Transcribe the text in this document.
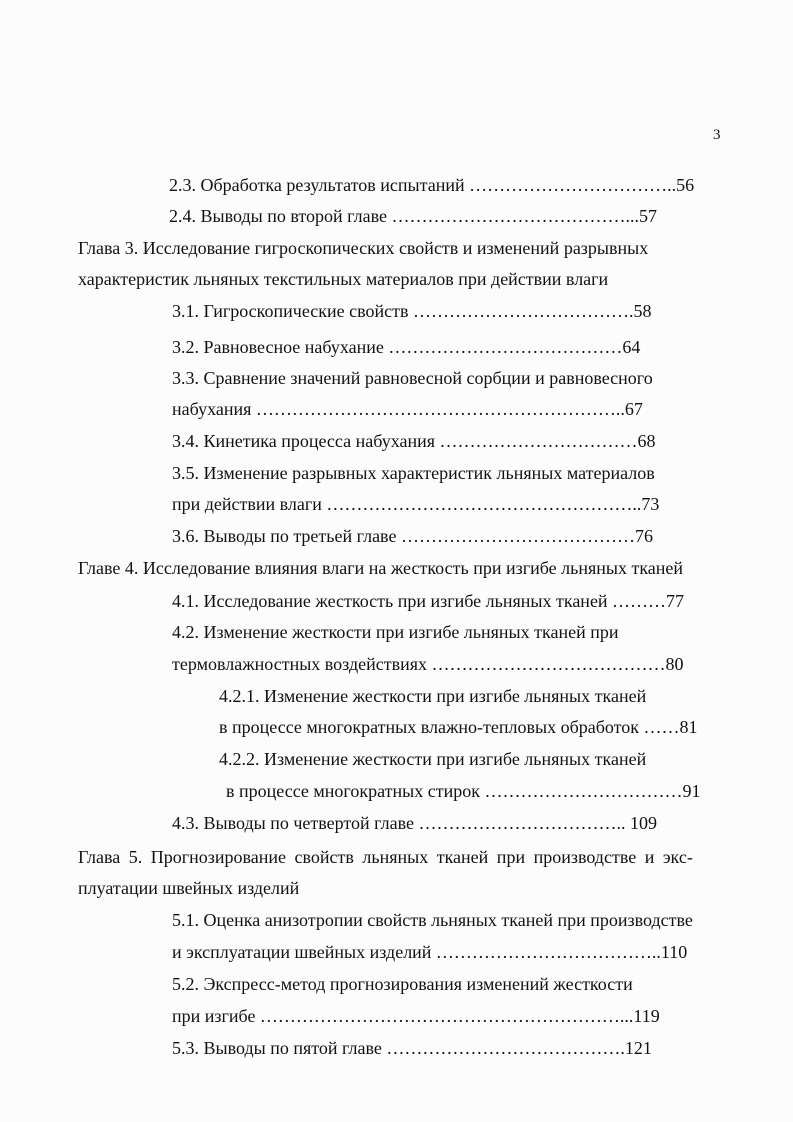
3
2.3. Обработка результатов испытаний ……………………………..56
2.4. Выводы по второй главе …………………………………...57
Глава 3. Исследование гигроскопических свойств и изменений разрывных
характеристик льняных текстильных материалов при действии влаги
3.1. Гигроскопические свойств ……………………………….58
3.2. Равновесное набухание …………………………………64
3.3. Сравнение значений равновесной сорбции и равновесного
набухания ……………………………………………………..67
3.4. Кинетика процесса набухания ……………………………68
3.5. Изменение разрывных характеристик льняных материалов
при действии влаги ……………………………………………..73
3.6. Выводы по третьей главе …………………………………76
Главе 4. Исследование влияния влаги на жесткость при изгибе льняных тканей
4.1. Исследование жесткость при изгибе льняных тканей ………77
4.2. Изменение жесткости при изгибе льняных тканей при
термовлажностных воздействиях …………………………………80
4.2.1. Изменение жесткости при изгибе льняных тканей
в процессе многократных влажно-тепловых обработок ……81
4.2.2. Изменение жесткости при изгибе льняных тканей
в процессе многократных стирок ……………………………91
4.3. Выводы по четвертой главе …………………………….. 109
Глава 5. Прогнозирование свойств льняных тканей при производстве и экс-
плуатации швейных изделий
5.1. Оценка анизотропии свойств льняных тканей при производстве
и эксплуатации швейных изделий ………………………………..110
5.2. Экспресс-метод прогнозирования изменений жесткости
при изгибе ……………………………………………………...119
5.3. Выводы по пятой главе ………………………………….121
